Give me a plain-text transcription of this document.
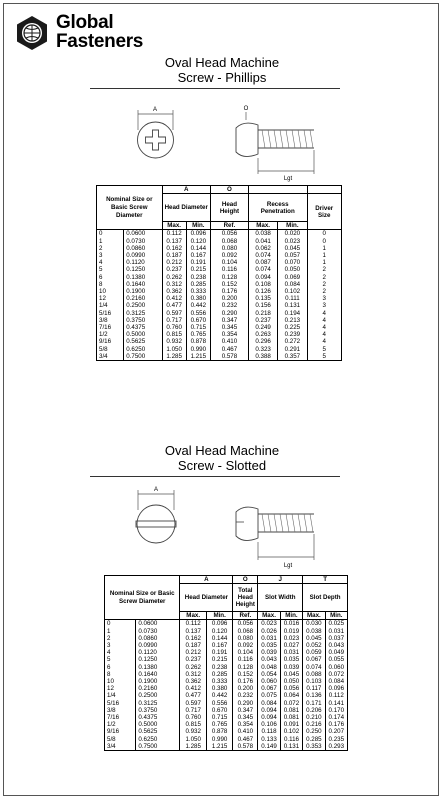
Global
Fasteners
Oval Head Machine
Screw - Phillips
A	O
Lgt
Nominal Size or Basic Screw Diameter		A		O			
		Head Diameter		Head Height	Recess Penetration		Driver Size
		Max.	Min.	Ref.	Max.	Min.	
0	0.0600	0.112	0.096	0.056	0.038	0.020	0
1	0.0730	0.137	0.120	0.068	0.041	0.023	0
2	0.0860	0.162	0.144	0.080	0.062	0.045	1
3	0.0990	0.187	0.167	0.092	0.074	0.057	1
4	0.1120	0.212	0.191	0.104	0.087	0.070	1
5	0.1250	0.237	0.215	0.116	0.074	0.050	2
6	0.1380	0.262	0.238	0.128	0.094	0.069	2
8	0.1640	0.312	0.285	0.152	0.108	0.084	2
10	0.1900	0.362	0.333	0.176	0.126	0.102	2
12	0.2160	0.412	0.380	0.200	0.135	0.111	3
1/4	0.2500	0.477	0.442	0.232	0.156	0.131	3
5/16	0.3125	0.597	0.556	0.290	0.218	0.194	4
3/8	0.3750	0.717	0.670	0.347	0.237	0.213	4
7/16	0.4375	0.760	0.715	0.345	0.249	0.225	4
1/2	0.5000	0.815	0.765	0.354	0.263	0.239	4
9/16	0.5625	0.932	0.878	0.410	0.296	0.272	4
5/8	0.6250	1.050	0.990	0.467	0.323	0.291	5
3/4	0.7500	1.285	1.215	0.578	0.388	0.357	5
Oval Head Machine
Screw - Slotted
A
Lgt
Nominal Size or Basic Screw Diameter		A		O	J		T	
		Head Diameter		Total Head Height	Slot Width		Slot Depth	
		Max.	Min.	Ref.	Max.	Min.	Max.	Min.
0	0.0600	0.112	0.096	0.056	0.023	0.016	0.030	0.025
1	0.0730	0.137	0.120	0.068	0.026	0.019	0.038	0.031
2	0.0860	0.162	0.144	0.080	0.031	0.023	0.045	0.037
3	0.0990	0.187	0.167	0.092	0.035	0.027	0.052	0.043
4	0.1120	0.212	0.191	0.104	0.039	0.031	0.059	0.049
5	0.1250	0.237	0.215	0.116	0.043	0.035	0.067	0.055
6	0.1380	0.262	0.238	0.128	0.048	0.039	0.074	0.060
8	0.1640	0.312	0.285	0.152	0.054	0.045	0.088	0.072
10	0.1900	0.362	0.333	0.176	0.060	0.050	0.103	0.084
12	0.2160	0.412	0.380	0.200	0.067	0.056	0.117	0.096
1/4	0.2500	0.477	0.442	0.232	0.075	0.064	0.136	0.112
5/16	0.3125	0.597	0.556	0.290	0.084	0.072	0.171	0.141
3/8	0.3750	0.717	0.670	0.347	0.094	0.081	0.206	0.170
7/16	0.4375	0.760	0.715	0.345	0.094	0.081	0.210	0.174
1/2	0.5000	0.815	0.765	0.354	0.106	0.091	0.216	0.176
9/16	0.5625	0.932	0.878	0.410	0.118	0.102	0.250	0.207
5/8	0.6250	1.050	0.990	0.467	0.133	0.116	0.285	0.235
3/4	0.7500	1.285	1.215	0.578	0.149	0.131	0.353	0.293
